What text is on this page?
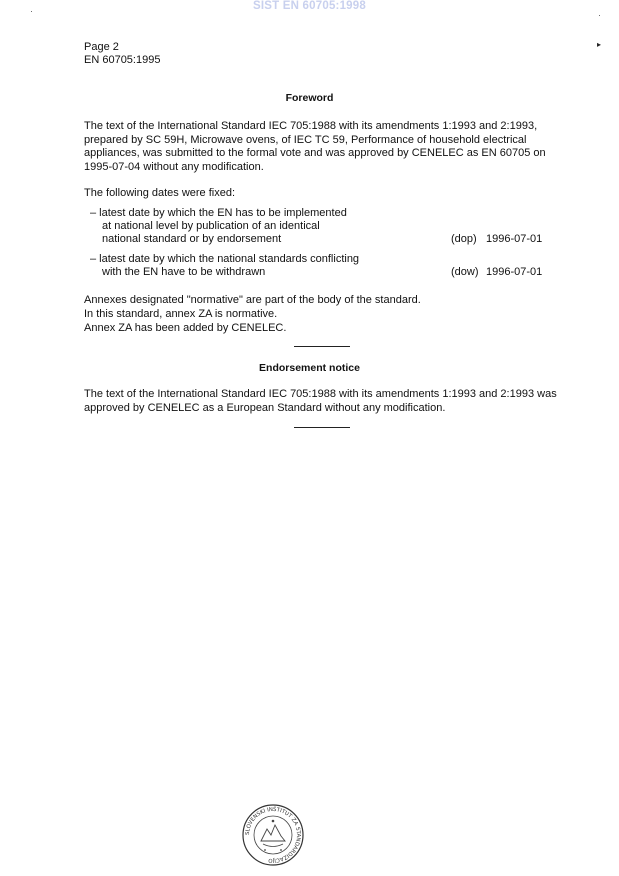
SIST EN 60705:1998
·	·
▸
Page 2
EN 60705:1995
Foreword
The text of the International Standard IEC 705:1988 with its amendments 1:1993 and 2:1993, prepared by SC 59H, Microwave ovens, of IEC TC 59, Performance of household electrical appliances, was submitted to the formal vote and was approved by CENELEC as EN 60705 on 1995-07-04 without any modification.
The following dates were fixed:
– latest date by which the EN has to be implemented
at national level by publication of an identical
national standard or by endorsement	(dop) 1996-07-01
– latest date by which the national standards conflicting
with the EN have to be withdrawn	(dow) 1996-07-01
Annexes designated "normative" are part of the body of the standard.
In this standard, annex ZA is normative.
Annex ZA has been added by CENELEC.
Endorsement notice
The text of the International Standard IEC 705:1988 with its amendments 1:1993 and 2:1993 was approved by CENELEC as a European Standard without any modification.
SLOVENSKI INŠTITUT ZA STANDARDIZACIJO
